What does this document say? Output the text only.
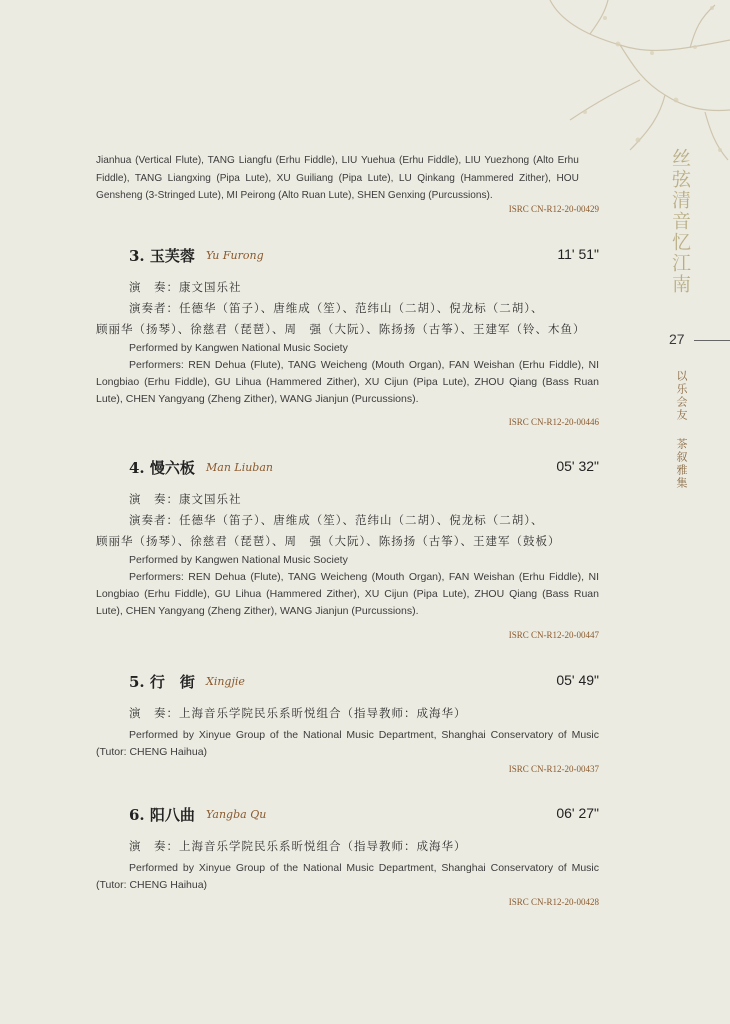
丝弦清音忆江南
27
以乐会友
茶叙雅集
Jianhua (Vertical Flute), TANG Liangfu (Erhu Fiddle), LIU Yuehua (Erhu Fiddle), LIU Yuezhong (Alto Erhu Fiddle), TANG Liangxing (Pipa Lute), XU Guiliang (Pipa Lute), LU Qinkang (Hammered Zither), HOU Gensheng (3-Stringed Lute), MI Peirong (Alto Ruan Lute), SHEN Genxing (Purcussions).
ISRC CN-R12-20-00429
3. 玉芙蓉 Yu Furong	11' 51"
演　奏：康文国乐社
演奏者：任德华（笛子）、唐维成（笙）、范纬山（二胡）、倪龙标（二胡）、
顾丽华（扬琴）、徐慈君（琵琶）、周　强（大阮）、陈扬扬（古筝）、王建军（铃、木鱼）
Performed by Kangwen National Music Society
Performers: REN Dehua (Flute), TANG Weicheng (Mouth Organ), FAN Weishan (Erhu Fiddle), NI Longbiao (Erhu Fiddle), GU Lihua (Hammered Zither), XU Cijun (Pipa Lute), ZHOU Qiang (Bass Ruan Lute), CHEN Yangyang (Zheng Zither), WANG Jianjun (Purcussions).
ISRC CN-R12-20-00446
4. 慢六板 Man Liuban	05' 32"
演　奏：康文国乐社
演奏者：任德华（笛子）、唐维成（笙）、范纬山（二胡）、倪龙标（二胡）、
顾丽华（扬琴）、徐慈君（琵琶）、周　强（大阮）、陈扬扬（古筝）、王建军（鼓板）
Performed by Kangwen National Music Society
Performers: REN Dehua (Flute), TANG Weicheng (Mouth Organ), FAN Weishan (Erhu Fiddle), NI Longbiao (Erhu Fiddle), GU Lihua (Hammered Zither), XU Cijun (Pipa Lute), ZHOU Qiang (Bass Ruan Lute), CHEN Yangyang (Zheng Zither), WANG Jianjun (Purcussions).
ISRC CN-R12-20-00447
5. 行　街 Xingjie	05' 49"
演　奏：上海音乐学院民乐系昕悦组合（指导教师：成海华）
Performed by Xinyue Group of the National Music Department, Shanghai Conservatory of Music (Tutor: CHENG Haihua)
ISRC CN-R12-20-00437
6. 阳八曲 Yangba Qu	06' 27"
演　奏：上海音乐学院民乐系昕悦组合（指导教师：成海华）
Performed by Xinyue Group of the National Music Department, Shanghai Conservatory of Music (Tutor: CHENG Haihua)
ISRC CN-R12-20-00428
